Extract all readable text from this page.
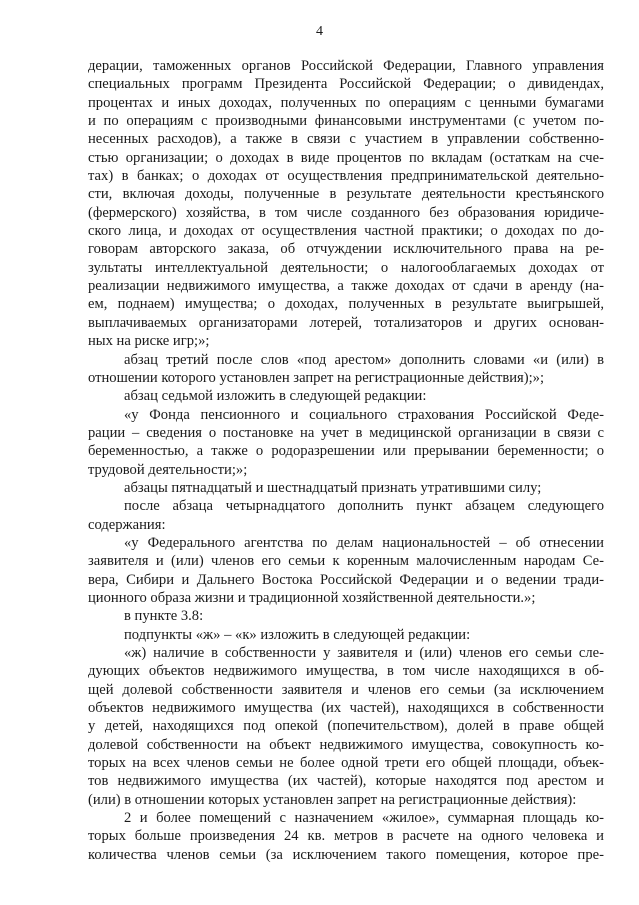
4
дерации, таможенных органов Российской Федерации, Главного управления
специальных программ Президента Российской Федерации; о дивидендах,
процентах и иных доходах, полученных по операциям с ценными бумагами
и по операциям с производными финансовыми инструментами (с учетом по-
несенных расходов), а также в связи с участием в управлении собственно-
стью организации; о доходах в виде процентов по вкладам (остаткам на сче-
тах) в банках; о доходах от осуществления предпринимательской деятельно-
сти, включая доходы, полученные в результате деятельности крестьянского
(фермерского) хозяйства, в том числе созданного без образования юридиче-
ского лица, и доходах от осуществления частной практики; о доходах по до-
говорам авторского заказа, об отчуждении исключительного права на ре-
зультаты интеллектуальной деятельности; о налогооблагаемых доходах от
реализации недвижимого имущества, а также доходах от сдачи в аренду (на-
ем, поднаем) имущества; о доходах, полученных в результате выигрышей,
выплачиваемых организаторами лотерей, тотализаторов и других основан-
ных на риске игр;»;
абзац третий после слов «под арестом» дополнить словами «и (или) в
отношении которого установлен запрет на регистрационные действия);»;
абзац седьмой изложить в следующей редакции:
«у Фонда пенсионного и социального страхования Российской Феде-
рации – сведения о постановке на учет в медицинской организации в связи с
беременностью, а также о родоразрешении или прерывании беременности; о
трудовой деятельности;»;
абзацы пятнадцатый и шестнадцатый признать утратившими силу;
после абзаца четырнадцатого дополнить пункт абзацем следующего
содержания:
«у Федерального агентства по делам национальностей – об отнесении
заявителя и (или) членов его семьи к коренным малочисленным народам Се-
вера, Сибири и Дальнего Востока Российской Федерации и о ведении тради-
ционного образа жизни и традиционной хозяйственной деятельности.»;
в пункте 3.8:
подпункты «ж» – «к» изложить в следующей редакции:
«ж) наличие в собственности у заявителя и (или) членов его семьи сле-
дующих объектов недвижимого имущества, в том числе находящихся в об-
щей долевой собственности заявителя и членов его семьи (за исключением
объектов недвижимого имущества (их частей), находящихся в собственности
у детей, находящихся под опекой (попечительством), долей в праве общей
долевой собственности на объект недвижимого имущества, совокупность ко-
торых на всех членов семьи не более одной трети его общей площади, объек-
тов недвижимого имущества (их частей), которые находятся под арестом и
(или) в отношении которых установлен запрет на регистрационные действия):
2 и более помещений с назначением «жилое», суммарная площадь ко-
торых больше произведения 24 кв. метров в расчете на одного человека и
количества членов семьи (за исключением такого помещения, которое пре-
